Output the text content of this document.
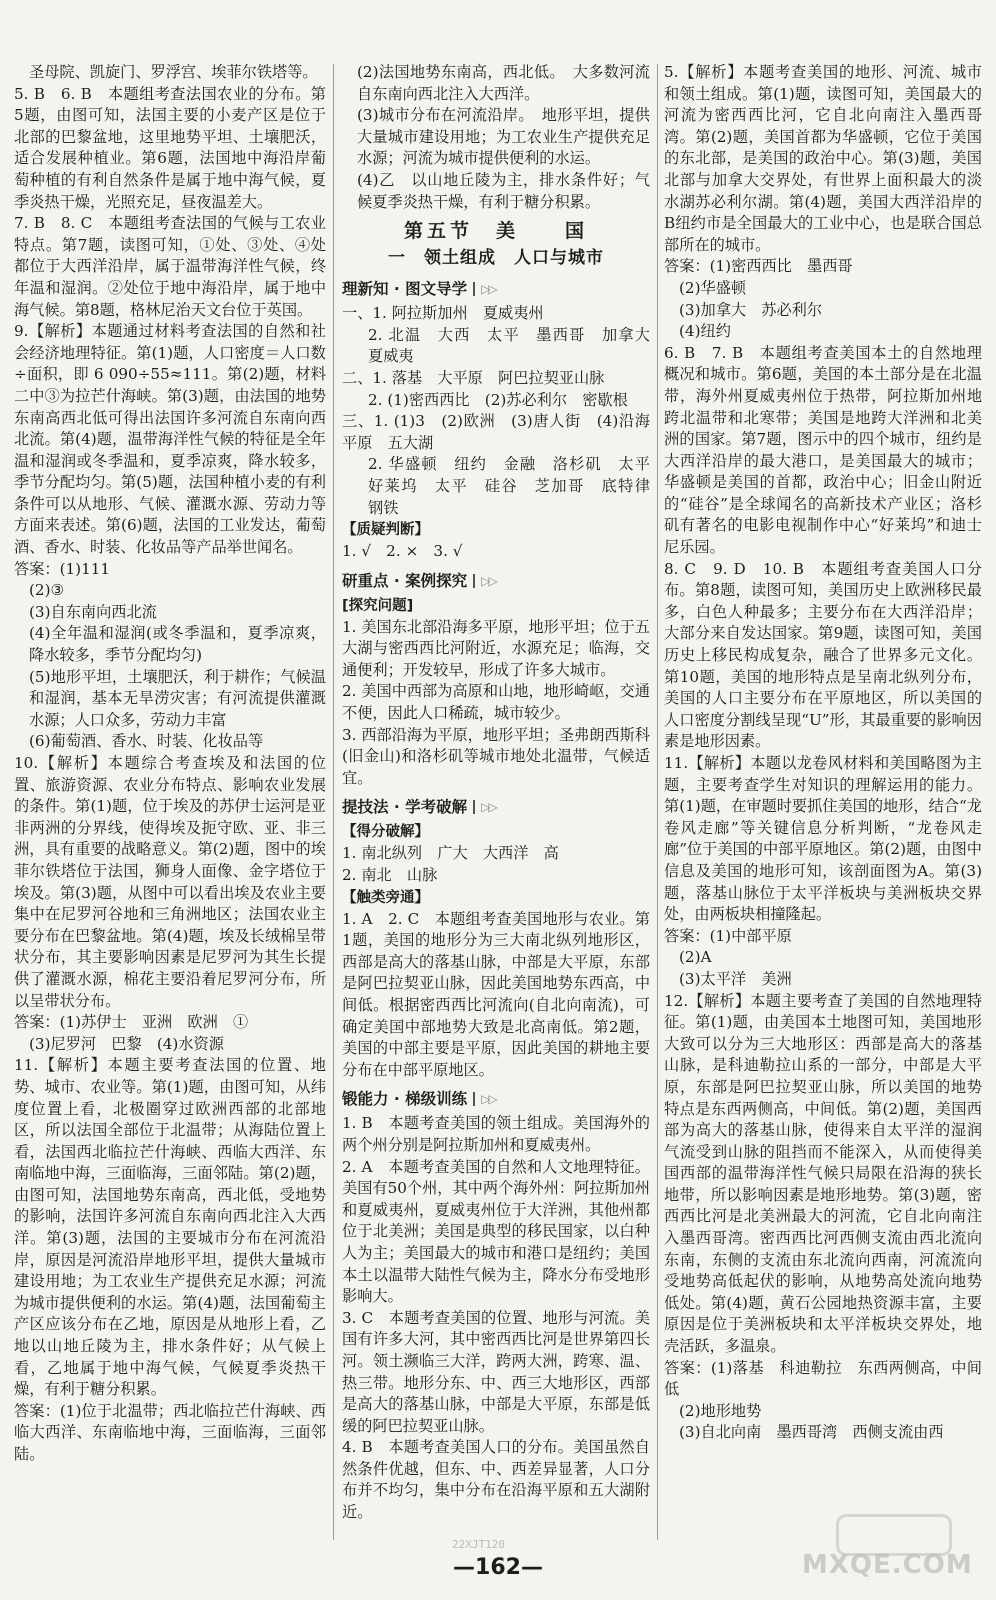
圣母院、凯旋门、罗浮宫、埃菲尔铁塔等。

5. B　6. B　本题组考查法国农业的分布。第5题，由图可知，法国主要的小麦产区是位于北部的巴黎盆地，这里地势平坦、土壤肥沃，适合发展种植业。第6题，法国地中海沿岸葡萄种植的有利自然条件是属于地中海气候，夏季炎热干燥，光照充足，昼夜温差大。

7. B　8. C　本题组考查法国的气候与工农业特点。第7题，读图可知，①处、③处、④处都位于大西洋沿岸，属于温带海洋性气候，终年温和湿润。②处位于地中海沿岸，属于地中海气候。第8题，格林尼治天文台位于英国。

9.【解析】本题通过材料考查法国的自然和社会经济地理特征。第(1)题，人口密度＝人口数÷面积，即 6 090÷55≈111。第(2)题，材料二中③为拉芒什海峡。第(3)题，由法国的地势东南高西北低可得出法国许多河流自东南向西北流。第(4)题，温带海洋性气候的特征是全年温和湿润或冬季温和，夏季凉爽，降水较多，季节分配均匀。第(5)题，法国种植小麦的有利条件可以从地形、气候、灌溉水源、劳动力等方面来表述。第(6)题，法国的工业发达，葡萄酒、香水、时装、化妆品等产品举世闻名。

答案：(1)111

(2)③

(3)自东南向西北流

(4)全年温和湿润(或冬季温和，夏季凉爽，降水较多，季节分配均匀)

(5)地形平坦，土壤肥沃，利于耕作；气候温和湿润，基本无旱涝灾害；有河流提供灌溉水源；人口众多，劳动力丰富

(6)葡萄酒、香水、时装、化妆品等

10.【解析】本题综合考查埃及和法国的位置、旅游资源、农业分布特点、影响农业发展的条件。第(1)题，位于埃及的苏伊士运河是亚非两洲的分界线，使得埃及扼守欧、亚、非三洲，具有重要的战略意义。第(2)题，图中的埃菲尔铁塔位于法国，狮身人面像、金字塔位于埃及。第(3)题，从图中可以看出埃及农业主要集中在尼罗河谷地和三角洲地区；法国农业主要分布在巴黎盆地。第(4)题，埃及长绒棉呈带状分布，其主要影响因素是尼罗河为其生长提供了灌溉水源，棉花主要沿着尼罗河分布，所以呈带状分布。

答案：(1)苏伊士　亚洲　欧洲　①

(3)尼罗河　巴黎　(4)水资源

11.【解析】本题主要考查法国的位置、地势、城市、农业等。第(1)题，由图可知，从纬度位置上看，北极圈穿过欧洲西部的北部地区，所以法国全部位于北温带；从海陆位置上看，法国西北临拉芒什海峡、西临大西洋、东南临地中海，三面临海，三面邻陆。第(2)题，由图可知，法国地势东南高，西北低，受地势的影响，法国许多河流自东南向西北注入大西洋。第(3)题，法国的主要城市分布在河流沿岸，原因是河流沿岸地形平坦，提供大量城市建设用地；为工农业生产提供充足水源；河流为城市提供便利的水运。第(4)题，法国葡萄主产区应该分布在乙地，原因是从地形上看，乙地以山地丘陵为主，排水条件好；从气候上看，乙地属于地中海气候，气候夏季炎热干燥，有利于糖分积累。

答案：(1)位于北温带；西北临拉芒什海峡、西临大西洋、东南临地中海，三面临海，三面邻陆。

(2)法国地势东南高，西北低。　大多数河流自东南向西北注入大西洋。

(3)城市分布在河流沿岸。　地形平坦，提供大量城市建设用地；为工农业生产提供充足水源；河流为城市提供便利的水运。

(4)乙　以山地丘陵为主，排水条件好；气候夏季炎热干燥，有利于糖分积累。

第五节　美　　国
一　领土组成　人口与城市
理新知 · 图文导学 ▷▷

一、1. 阿拉斯加州　夏威夷州

2. 北温　大西　太平　墨西哥　加拿大　夏威夷

二、1. 落基　大平原　阿巴拉契亚山脉

2. (1)密西西比　(2)苏必利尔　密歇根

三、1. (1)3　(2)欧洲　(3)唐人街　(4)沿海平原　五大湖

2. 华盛顿　纽约　金融　洛杉矶　太平　好莱坞　太平　硅谷　芝加哥　底特律　钢铁

【质疑判断】
1. √　2. ×　3. √
研重点 · 案例探究 ▷▷
[探究问题]

1. 美国东北部沿海多平原，地形平坦；位于五大湖与密西西比河附近，水源充足；临海，交通便利；开发较早，形成了许多大城市。

2. 美国中西部为高原和山地，地形崎岖，交通不便，因此人口稀疏，城市较少。

3. 西部沿海为平原，地形平坦；圣弗朗西斯科(旧金山)和洛杉矶等城市地处北温带，气候适宜。

提技法 · 学考破解 ▷▷
【得分破解】

1. 南北纵列　广大　大西洋　高

2. 南北　山脉

【触类旁通】

1. A　2. C　本题组考查美国地形与农业。第1题，美国的地形分为三大南北纵列地形区，西部是高大的落基山脉，中部是大平原，东部是阿巴拉契亚山脉，因此美国地势东西高，中间低。根据密西西比河流向(自北向南流)，可确定美国中部地势大致是北高南低。第2题，美国的中部主要是平原，因此美国的耕地主要分布在中部平原地区。

锻能力 · 梯级训练 ▷▷

1. B　本题考查美国的领土组成。美国海外的两个州分别是阿拉斯加州和夏威夷州。

2. A　本题考查美国的自然和人文地理特征。美国有50个州，其中两个海外州：阿拉斯加州和夏威夷州，夏威夷州位于大洋洲，其他州都位于北美洲；美国是典型的移民国家，以白种人为主；美国最大的城市和港口是纽约；美国本土以温带大陆性气候为主，降水分布受地形影响大。

3. C　本题考查美国的位置、地形与河流。美国有许多大河，其中密西西比河是世界第四长河。领土濒临三大洋，跨两大洲，跨寒、温、热三带。地形分东、中、西三大地形区，西部是高大的落基山脉，中部是大平原，东部是低缓的阿巴拉契亚山脉。

4. B　本题考查美国人口的分布。美国虽然自然条件优越，但东、中、西差异显著，人口分布并不均匀，集中分布在沿海平原和五大湖附近。

5.【解析】本题考查美国的地形、河流、城市和领土组成。第(1)题，读图可知，美国最大的河流为密西西比河，它自北向南注入墨西哥湾。第(2)题，美国首都为华盛顿，它位于美国的东北部，是美国的政治中心。第(3)题，美国北部与加拿大交界处，有世界上面积最大的淡水湖苏必利尔湖。第(4)题，美国大西洋沿岸的B纽约市是全国最大的工业中心，也是联合国总部所在的城市。

答案：(1)密西西比　墨西哥

(2)华盛顿

(3)加拿大　苏必利尔

(4)纽约

6. B　7. B　本题组考查美国本土的自然地理概况和城市。第6题，美国的本土部分是在北温带，海外州夏威夷州位于热带，阿拉斯加州地跨北温带和北寒带；美国是地跨大洋洲和北美洲的国家。第7题，图示中的四个城市，纽约是大西洋沿岸的最大港口，是美国最大的城市；华盛顿是美国的首都，政治中心；旧金山附近的“硅谷”是全球闻名的高新技术产业区；洛杉矶有著名的电影电视制作中心“好莱坞”和迪士尼乐园。

8. C　9. D　10. B　本题组考查美国人口分布。第8题，读图可知，美国历史上欧洲移民最多，白色人种最多；主要分布在大西洋沿岸；大部分来自发达国家。第9题，读图可知，美国历史上移民构成复杂，融合了世界多元文化。第10题，美国的地形特点是呈南北纵列分布，美国的人口主要分布在平原地区，所以美国的人口密度分割线呈现“U”形，其最重要的影响因素是地形因素。

11.【解析】本题以龙卷风材料和美国略图为主题，主要考查学生对知识的理解运用的能力。第(1)题，在审题时要抓住美国的地形，结合“龙卷风走廊”等关键信息分析判断，“龙卷风走廊”位于美国的中部平原地区。第(2)题，由图中信息及美国的地形可知，该剖面图为A。第(3)题，落基山脉位于太平洋板块与美洲板块交界处，由两板块相撞隆起。

答案：(1)中部平原

(2)A

(3)太平洋　美洲

12.【解析】本题主要考查了美国的自然地理特征。第(1)题，由美国本土地图可知，美国地形大致可以分为三大地形区：西部是高大的落基山脉，是科迪勒拉山系的一部分，中部是大平原，东部是阿巴拉契亚山脉，所以美国的地势特点是东西两侧高，中间低。第(2)题，美国西部为高大的落基山脉，使得来自太平洋的湿润气流受到山脉的阻挡而不能深入，从而使得美国西部的温带海洋性气候只局限在沿海的狭长地带，所以影响因素是地形地势。第(3)题，密西西比河是北美洲最大的河流，它自北向南注入墨西哥湾。密西西比河西侧支流由西北流向东南，东侧的支流由东北流向西南，河流流向受地势高低起伏的影响，从地势高处流向地势低处。第(4)题，黄石公园地热资源丰富，主要原因是位于美洲板块和太平洋板块交界处，地壳活跃，多温泉。

答案：(1)落基　科迪勒拉　东西两侧高，中间低

(2)地形地势

(3)自北向南　墨西哥湾　西侧支流由西

22XJT120
—162—	MXQE.COM
